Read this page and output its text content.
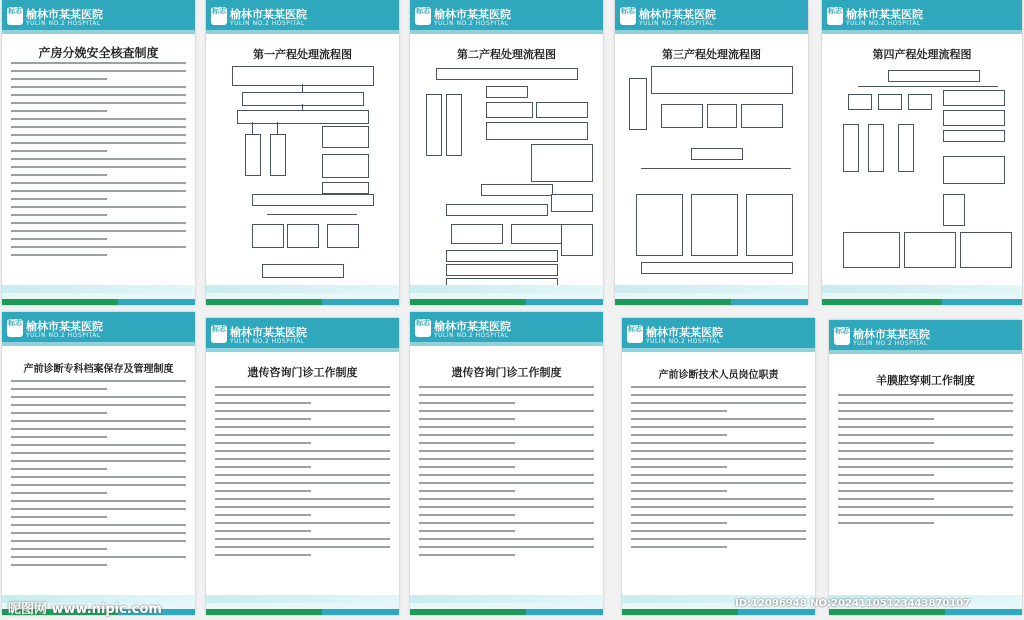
标志 榆林市某某医院
YULIN NO.2 HOSPITAL
产房分娩安全核查制度
标志 榆林市某某医院
YULIN NO.2 HOSPITAL
第一产程处理流程图
标志 榆林市某某医院
YULIN NO.2 HOSPITAL
第二产程处理流程图
标志 榆林市某某医院
YULIN NO.2 HOSPITAL
第三产程处理流程图
标志 榆林市某某医院
YULIN NO.2 HOSPITAL
第四产程处理流程图
标志 榆林市某某医院
YULIN NO.2 HOSPITAL
产前诊断专科档案保存及管理制度
标志 榆林市某某医院
YULIN NO.2 HOSPITAL
遗传咨询门诊工作制度
标志 榆林市某某医院
YULIN NO.2 HOSPITAL
遗传咨询门诊工作制度
标志 榆林市某某医院
YULIN NO.2 HOSPITAL
产前诊断技术人员岗位职责
标志 榆林市某某医院
YULIN NO.2 HOSPITAL
羊膜腔穿刺工作制度
昵图网 www.nipic.com	ID:12096948 NO:20241105123443870107
